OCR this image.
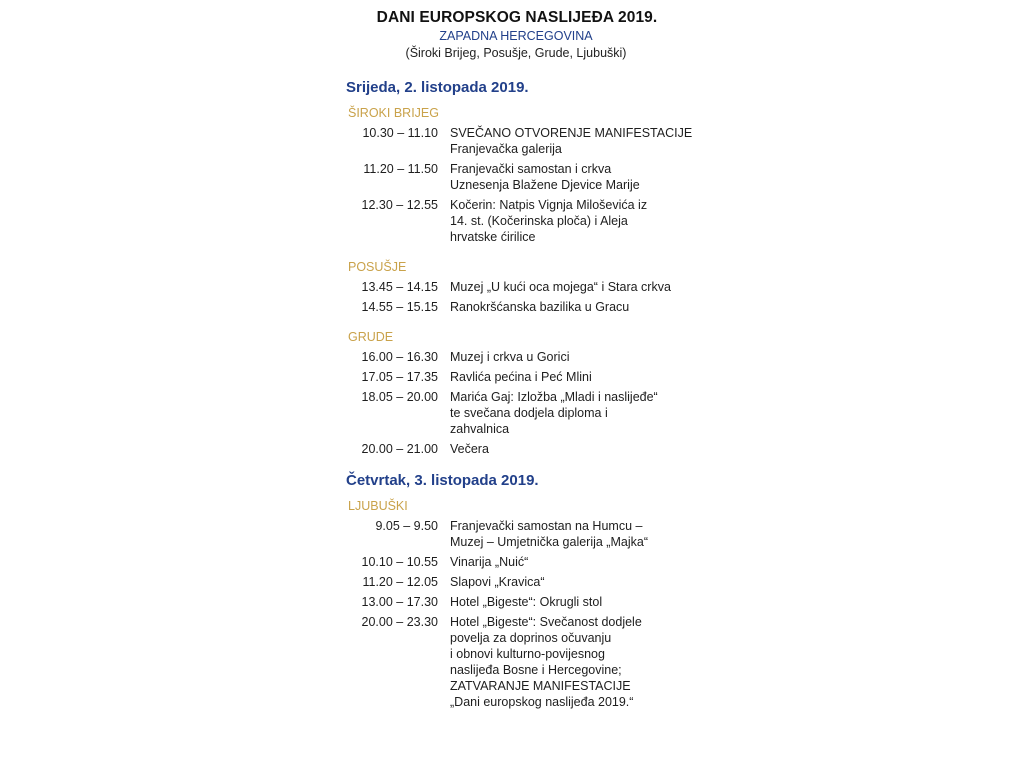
DANI EUROPSKOG NASLIJEĐA 2019.
ZAPADNA HERCEGOVINA
(Široki Brijeg, Posušje, Grude, Ljubuški)
Srijeda, 2. listopada 2019.
ŠIROKI BRIJEG
10.30 – 11.10 SVEČANO OTVORENJE MANIFESTACIJE
Franjevačka galerija
11.20 – 11.50 Franjevački samostan i crkva
Uznesenja Blažene Djevice Marije
12.30 – 12.55 Kočerin: Natpis Vignja Miloševića iz
14. st. (Kočerinska ploča) i Aleja
hrvatske ćirilice
POSUŠJE
13.45 – 14.15 Muzej „U kući oca mojega“ i Stara crkva
14.55 – 15.15 Ranokršćanska bazilika u Gracu
GRUDE
16.00 – 16.30 Muzej i crkva u Gorici
17.05 – 17.35 Ravlića pećina i Peć Mlini
18.05 – 20.00 Marića Gaj: Izložba „Mladi i naslijeđe“
te svečana dodjela diploma i
zahvalnica
20.00 – 21.00 Večera
Četvrtak, 3. listopada 2019.
LJUBUŠKI
9.05 – 9.50 Franjevački samostan na Humcu –
Muzej – Umjetnička galerija „Majka“
10.10 – 10.55 Vinarija „Nuić“
11.20 – 12.05 Slapovi „Kravica“
13.00 – 17.30 Hotel „Bigeste“: Okrugli stol
20.00 – 23.30 Hotel „Bigeste“: Svečanost dodjele
povelja za doprinos očuvanju
i obnovi kulturno-povijesnog
naslijeđa Bosne i Hercegovine;
ZATVARANJE MANIFESTACIJE
„Dani europskog naslijeđa 2019.“
